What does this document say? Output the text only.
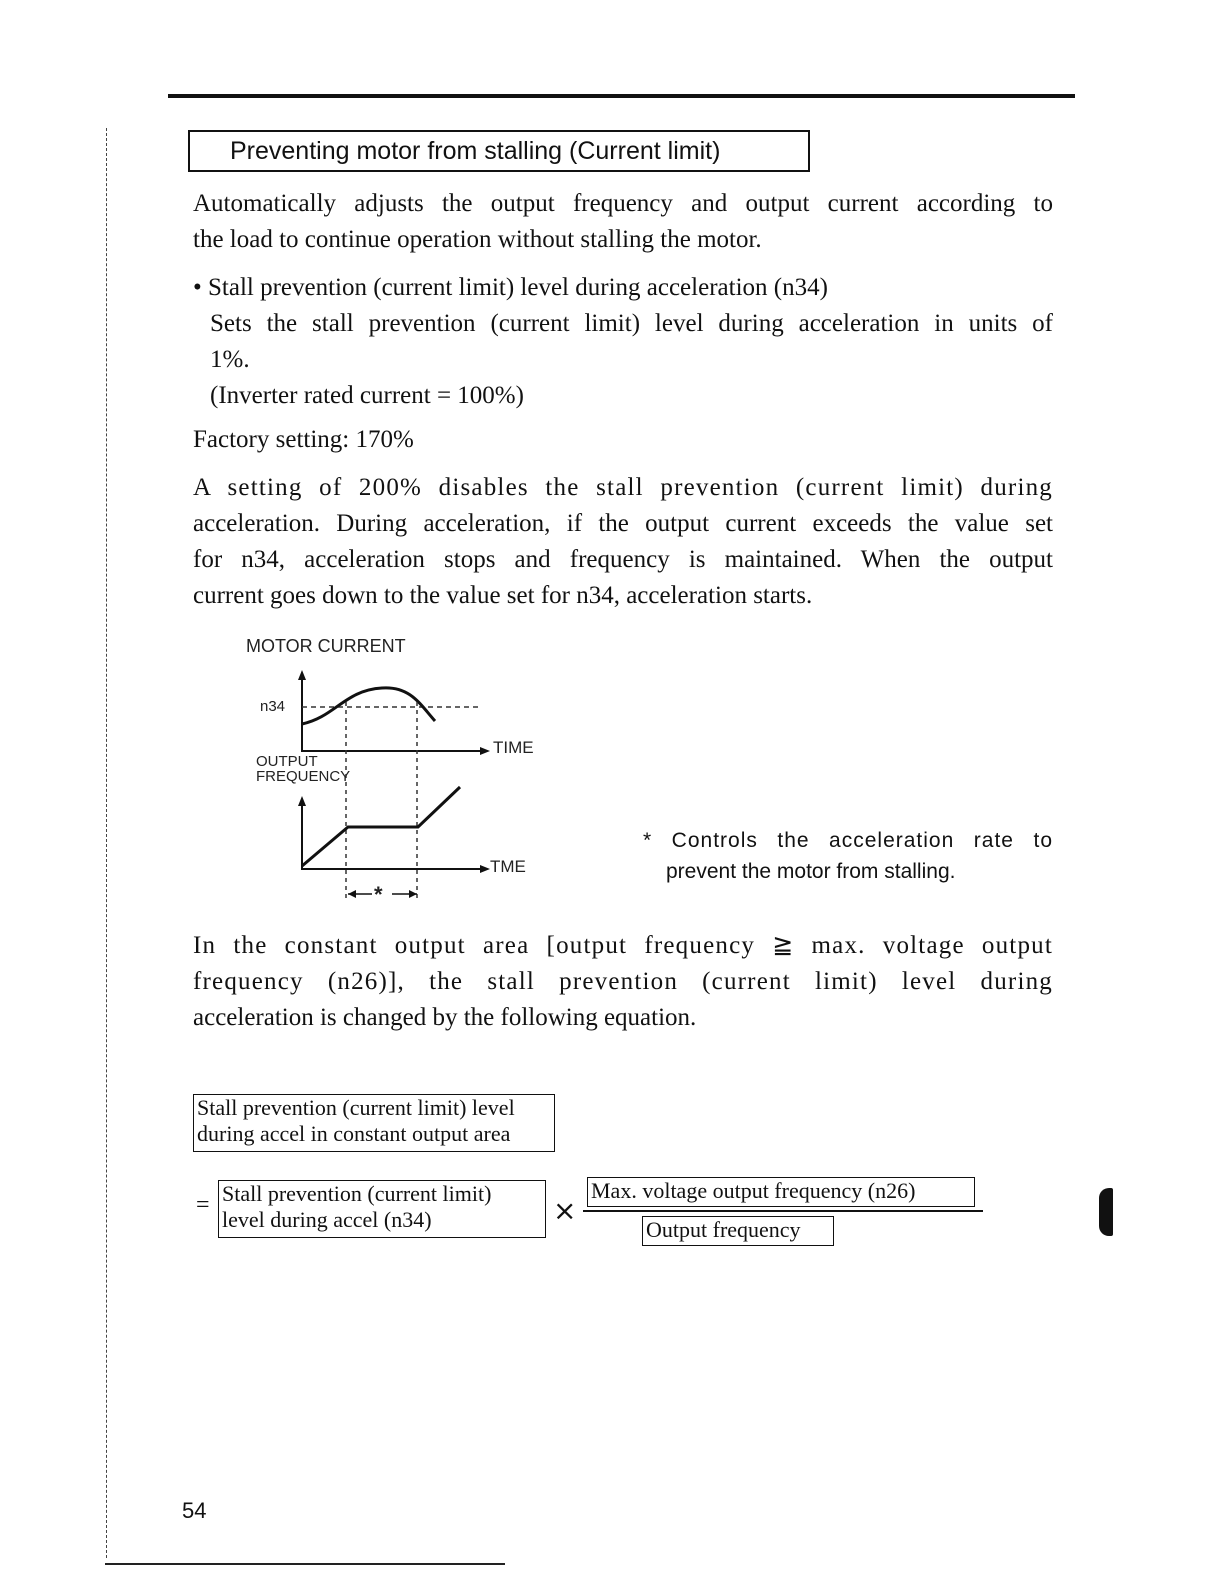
Preventing motor from stalling (Current limit)
Automatically adjusts the output frequency and output current according to
the load to continue operation without stalling the motor.
• Stall prevention (current limit) level during acceleration (n34)
Sets the stall prevention (current limit) level during acceleration in units of
1%.
(Inverter rated current = 100%)
Factory setting: 170%
A setting of 200% disables the stall prevention (current limit) during
acceleration. During acceleration, if the output current exceeds the value set
for n34, acceleration stops and frequency is maintained. When the output
current goes down to the value set for n34, acceleration starts.
MOTOR CURRENT
n34
TIME
OUTPUT
FREQUENCY
TME
*
* Controls the acceleration rate to
prevent the motor from stalling.
In the constant output area [output frequency ≧ max. voltage output
frequency (n26)], the stall prevention (current limit) level during
acceleration is changed by the following equation.
Stall prevention (current limit) level
during accel in constant output area
= Stall prevention (current limit)
level during accel (n34)	×
Max. voltage output frequency (n26)
Output frequency
54
